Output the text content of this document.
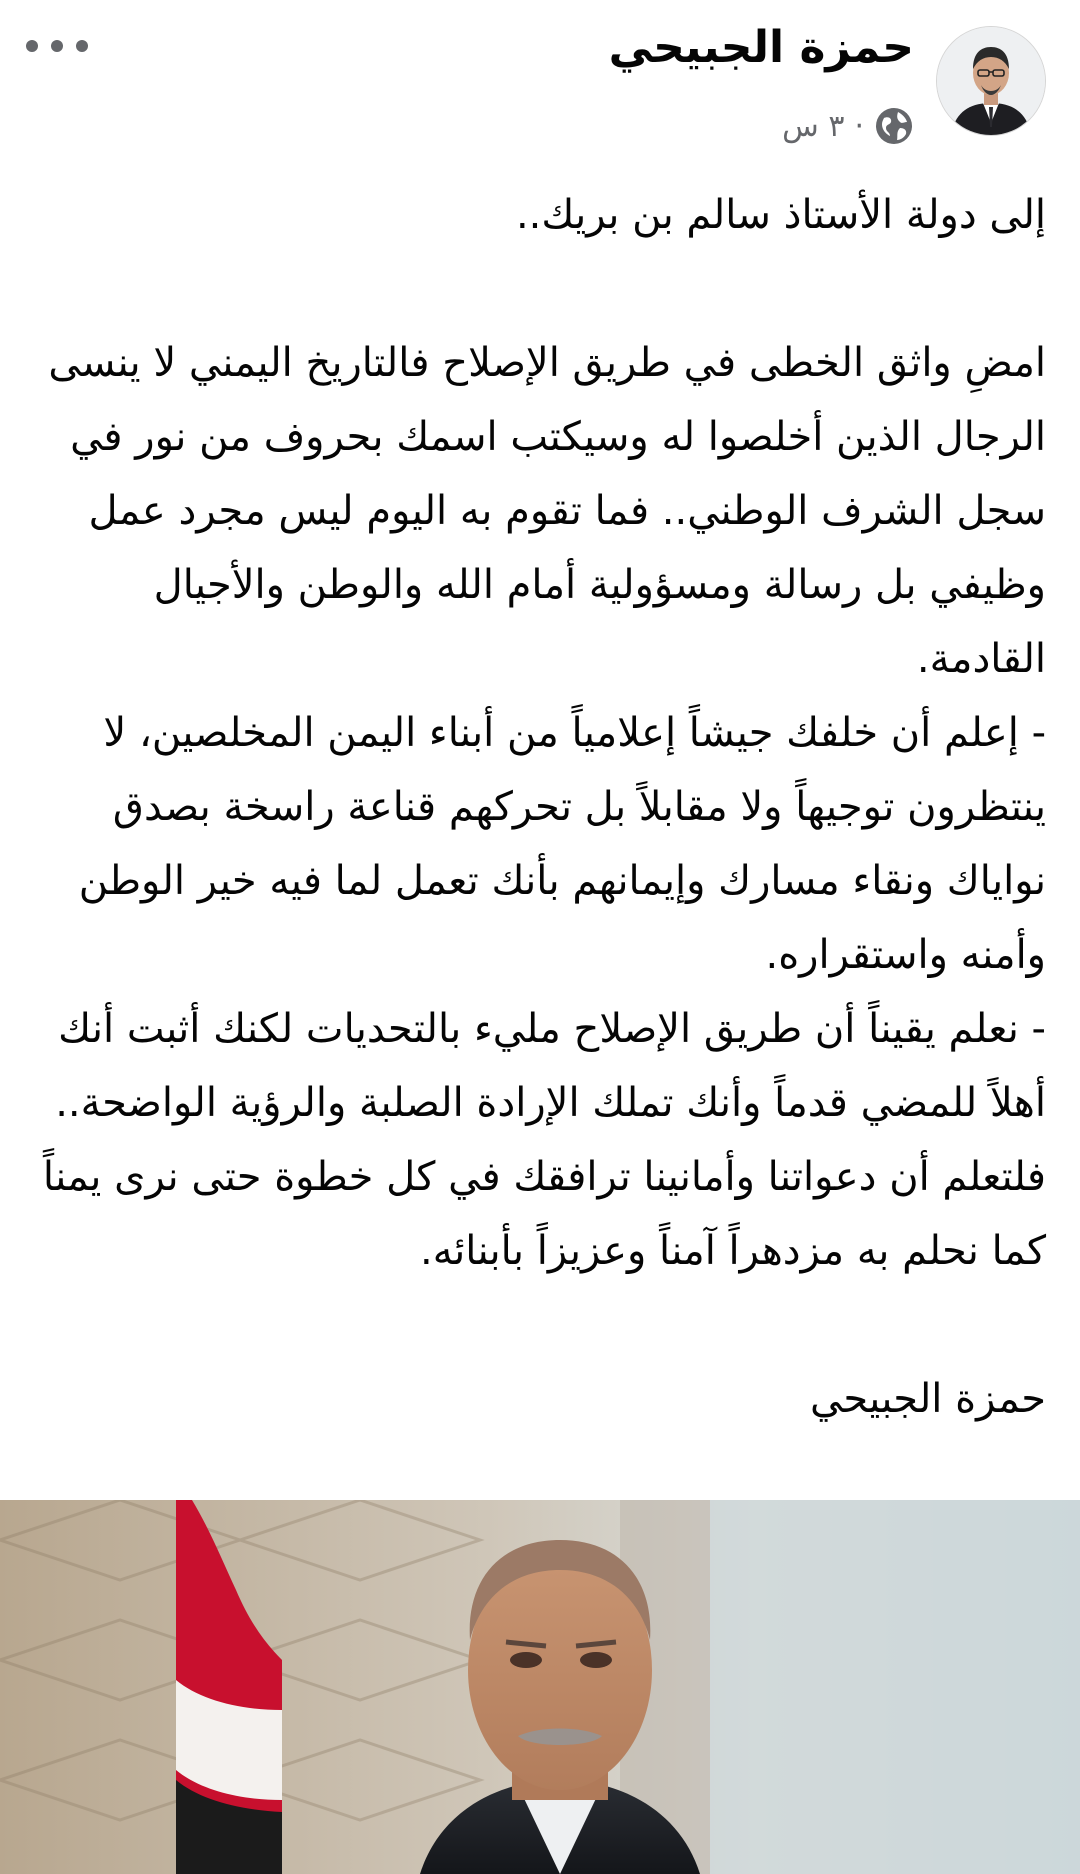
حمزة الجبيحي
٣ س ·

إلى دولة الأستاذ سالم بن بريك..

امضِ واثق الخطى في طريق الإصلاح فالتاريخ اليمني لا ينسى الرجال الذين أخلصوا له وسيكتب اسمك بحروف من نور في سجل الشرف الوطني.. فما تقوم به اليوم ليس مجرد عمل وظيفي بل رسالة ومسؤولية أمام الله والوطن والأجيال القادمة.

- إعلم أن خلفك جيشاً إعلامياً من أبناء اليمن المخلصين، لا ينتظرون توجيهاً ولا مقابلاً بل تحركهم قناعة راسخة بصدق نواياك ونقاء مسارك وإيمانهم بأنك تعمل لما فيه خير الوطن وأمنه واستقراره.

- نعلم يقيناً أن طريق الإصلاح مليء بالتحديات لكنك أثبت أنك أهلاً للمضي قدماً وأنك تملك الإرادة الصلبة والرؤية الواضحة.. فلتعلم أن دعواتنا وأمانينا ترافقك في كل خطوة حتى نرى يمناً كما نحلم به مزدهراً آمناً وعزيزاً بأبنائه.

حمزة الجبيحي
